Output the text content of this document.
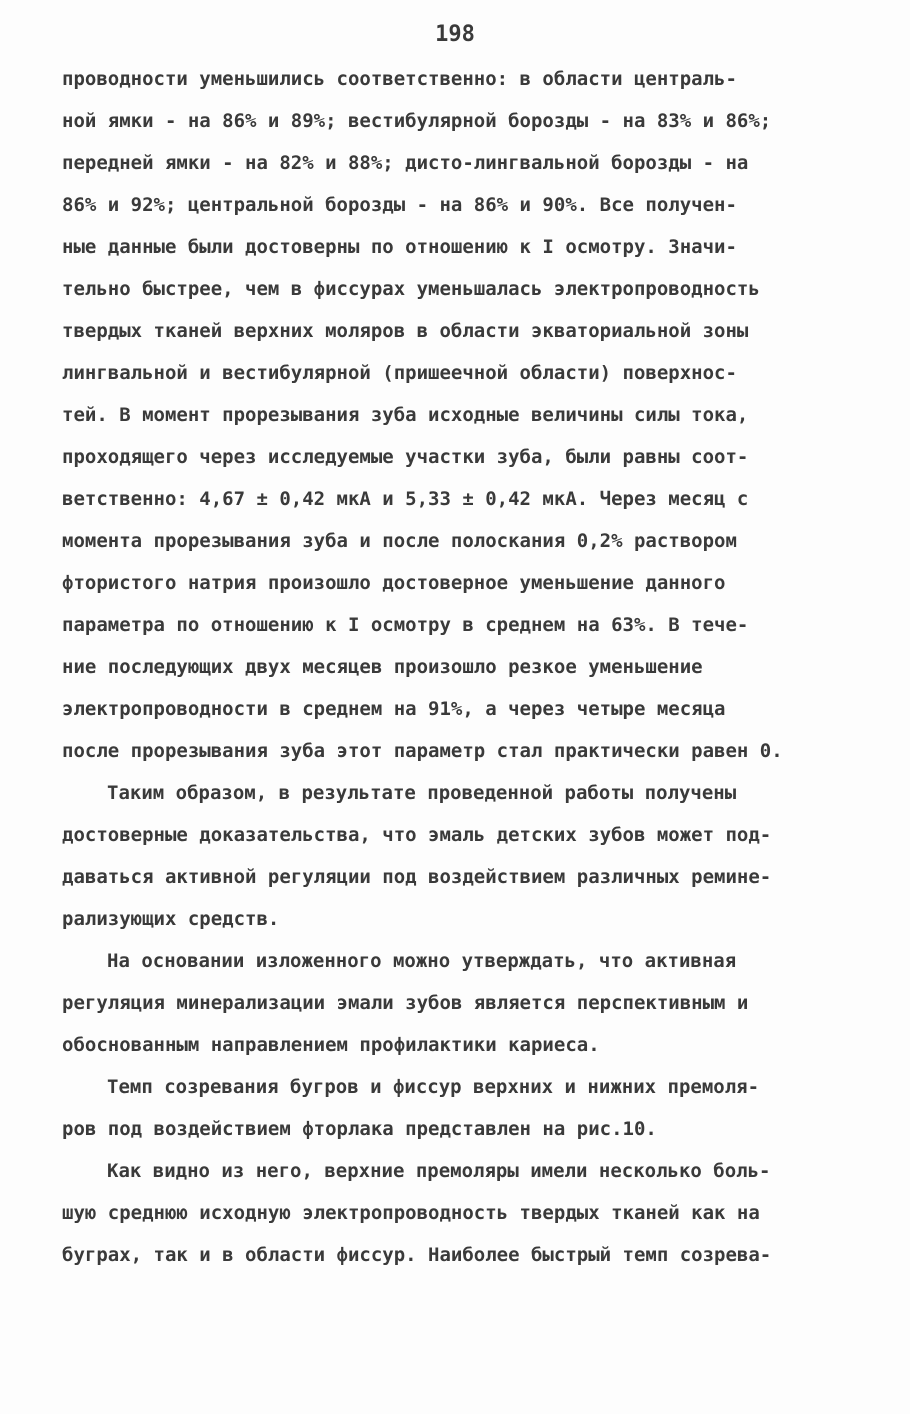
198
проводности уменьшились соответственно: в области централь-
ной ямки - на 86% и 89%; вестибулярной борозды - на 83% и 86%;
передней ямки - на 82% и 88%; дисто-лингвальной борозды - на
86% и 92%; центральной борозды - на 86% и 90%. Все получен-
ные данные были достоверны по отношению к I осмотру. Значи-
тельно быстрее, чем в фиссурах уменьшалась электропроводность
твердых тканей верхних моляров в области экваториальной зоны
лингвальной и вестибулярной (пришеечной области) поверхнос-
тей. В момент прорезывания зуба исходные величины силы тока,
проходящего через исследуемые участки зуба, были равны соот-
ветственно: 4,67 ± 0,42 мкА и 5,33 ± 0,42 мкА. Через месяц с
момента прорезывания зуба и после полоскания 0,2% раствором
фтористого натрия произошло достоверное уменьшение данного
параметра по отношению к I осмотру в среднем на 63%. В тече-
ние последующих двух месяцев произошло резкое уменьшение
электропроводности в среднем на 91%, а через четыре месяца
после прорезывания зуба этот параметр стал практически равен 0.
Таким образом, в результате проведенной работы получены
достоверные доказательства, что эмаль детских зубов может под-
даваться активной регуляции под воздействием различных ремине-
рализующих средств.
На основании изложенного можно утверждать, что активная
регуляция минерализации эмали зубов является перспективным и
обоснованным направлением профилактики кариеса.
Темп созревания бугров и фиссур верхних и нижних премоля-
ров под воздействием фторлака представлен на рис.10.
Как видно из него, верхние премоляры имели несколько боль-
шую среднюю исходную электропроводность твердых тканей как на
буграх, так и в области фиссур. Наиболее быстрый темп созрева-
